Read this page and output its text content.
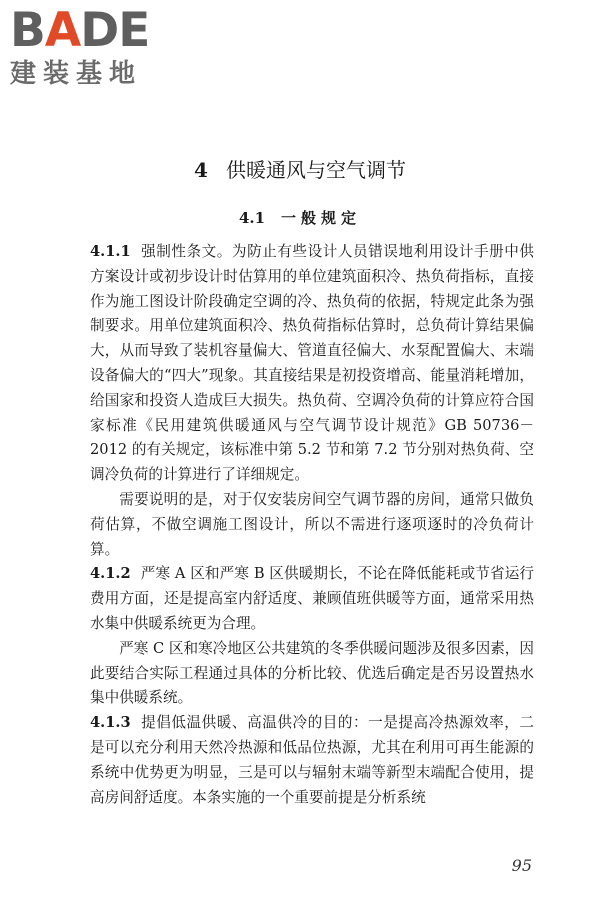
BADE
建装基地
4 供暖通风与空气调节
4.1 一般规定

4.1.1 强制性条文。为防止有些设计人员错误地利用设计手册中供方案设计或初步设计时估算用的单位建筑面积冷、热负荷指标，直接作为施工图设计阶段确定空调的冷、热负荷的依据，特规定此条为强制要求。用单位建筑面积冷、热负荷指标估算时，总负荷计算结果偏大，从而导致了装机容量偏大、管道直径偏大、水泵配置偏大、末端设备偏大的“四大”现象。其直接结果是初投资增高、能量消耗增加，给国家和投资人造成巨大损失。热负荷、空调冷负荷的计算应符合国家标准《民用建筑供暖通风与空气调节设计规范》GB 50736－2012 的有关规定，该标准中第 5.2 节和第 7.2 节分别对热负荷、空调冷负荷的计算进行了详细规定。

需要说明的是，对于仅安装房间空气调节器的房间，通常只做负荷估算，不做空调施工图设计，所以不需进行逐项逐时的冷负荷计算。

4.1.2 严寒 A 区和严寒 B 区供暖期长，不论在降低能耗或节省运行费用方面，还是提高室内舒适度、兼顾值班供暖等方面，通常采用热水集中供暖系统更为合理。

严寒 C 区和寒冷地区公共建筑的冬季供暖问题涉及很多因素，因此要结合实际工程通过具体的分析比较、优选后确定是否另设置热水集中供暖系统。

4.1.3 提倡低温供暖、高温供冷的目的：一是提高冷热源效率，二是可以充分利用天然冷热源和低品位热源，尤其在利用可再生能源的系统中优势更为明显，三是可以与辐射末端等新型末端配合使用，提高房间舒适度。本条实施的一个重要前提是分析系统

95
